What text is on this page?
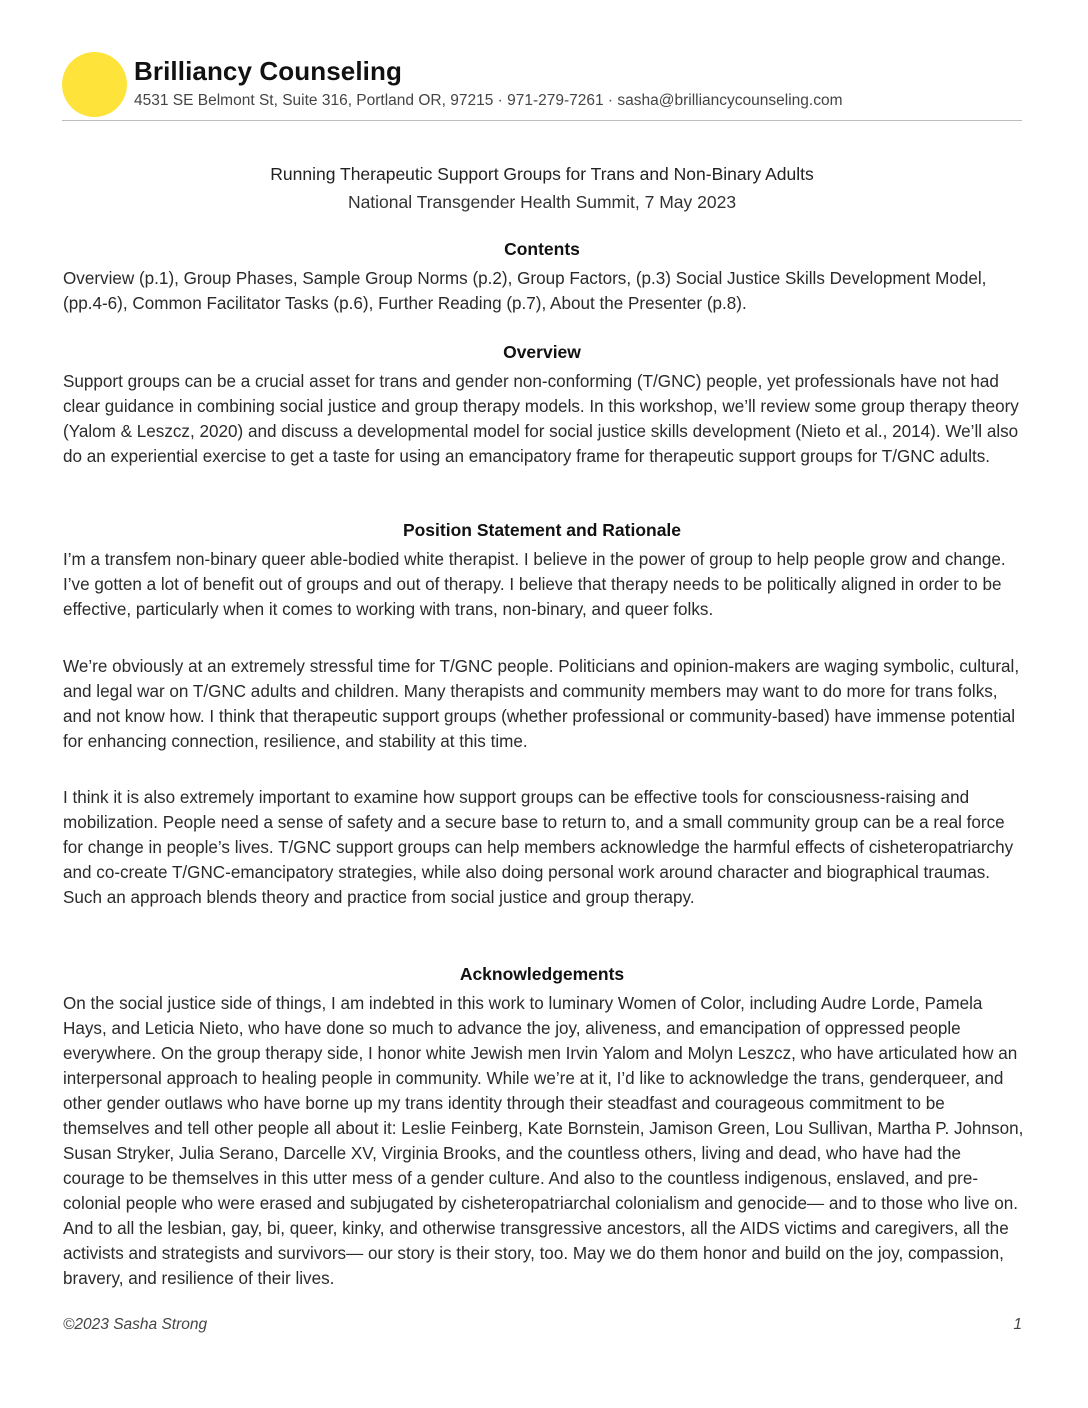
Brilliancy Counseling
4531 SE Belmont St, Suite 316, Portland OR, 97215 · 971-279-7261 · sasha@brilliancycounseling.com
Running Therapeutic Support Groups for Trans and Non-Binary Adults
National Transgender Health Summit, 7 May 2023
Contents

Overview (p.1), Group Phases, Sample Group Norms (p.2), Group Factors, (p.3) Social Justice Skills Development Model, (pp.4-6), Common Facilitator Tasks (p.6), Further Reading (p.7), About the Presenter (p.8).

Overview

Support groups can be a crucial asset for trans and gender non-conforming (T/GNC) people, yet professionals have not had clear guidance in combining social justice and group therapy models. In this workshop, we’ll review some group therapy theory (Yalom & Leszcz, 2020) and discuss a developmental model for social justice skills development (Nieto et al., 2014). We’ll also do an experiential exercise to get a taste for using an emancipatory frame for therapeutic support groups for T/GNC adults.

Position Statement and Rationale

I’m a transfem non-binary queer able-bodied white therapist. I believe in the power of group to help people grow and change. I’ve gotten a lot of benefit out of groups and out of therapy. I believe that therapy needs to be politically aligned in order to be effective, particularly when it comes to working with trans, non-binary, and queer folks.

We’re obviously at an extremely stressful time for T/GNC people. Politicians and opinion-makers are waging symbolic, cultural, and legal war on T/GNC adults and children. Many therapists and community members may want to do more for trans folks, and not know how. I think that therapeutic support groups (whether professional or community-based) have immense potential for enhancing connection, resilience, and stability at this time.

I think it is also extremely important to examine how support groups can be effective tools for consciousness-raising and mobilization. People need a sense of safety and a secure base to return to, and a small community group can be a real force for change in people’s lives. T/GNC support groups can help members acknowledge the harmful effects of cisheteropatriarchy and co-create T/GNC-emancipatory strategies, while also doing personal work around character and biographical traumas. Such an approach blends theory and practice from social justice and group therapy.

Acknowledgements

On the social justice side of things, I am indebted in this work to luminary Women of Color, including Audre Lorde, Pamela Hays, and Leticia Nieto, who have done so much to advance the joy, aliveness, and emancipation of oppressed people everywhere. On the group therapy side, I honor white Jewish men Irvin Yalom and Molyn Leszcz, who have articulated how an interpersonal approach to healing people in community. While we’re at it, I’d like to acknowledge the trans, genderqueer, and other gender outlaws who have borne up my trans identity through their steadfast and courageous commitment to be themselves and tell other people all about it: Leslie Feinberg, Kate Bornstein, Jamison Green, Lou Sullivan, Martha P. Johnson, Susan Stryker, Julia Serano, Darcelle XV, Virginia Brooks, and the countless others, living and dead, who have had the courage to be themselves in this utter mess of a gender culture. And also to the countless indigenous, enslaved, and pre-colonial people who were erased and subjugated by cisheteropatriarchal colonialism and genocide— and to those who live on. And to all the lesbian, gay, bi, queer, kinky, and otherwise transgressive ancestors, all the AIDS victims and caregivers, all the activists and strategists and survivors— our story is their story, too. May we do them honor and build on the joy, compassion, bravery, and resilience of their lives.

©2023 Sasha Strong	1
